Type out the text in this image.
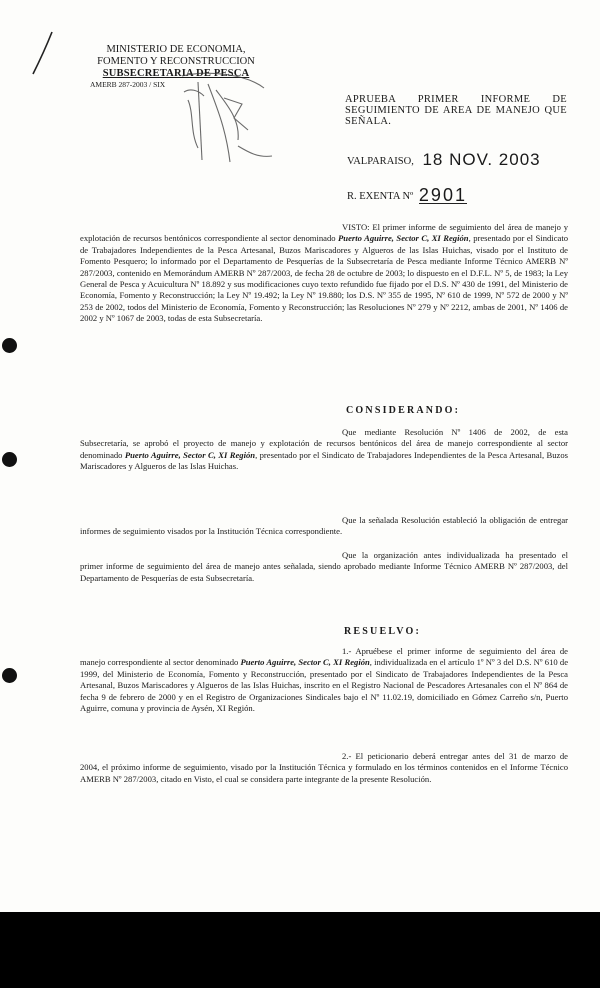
MINISTERIO DE ECONOMIA,
FOMENTO Y RECONSTRUCCION
SUBSECRETARIA DE PESCA
AMERB 287-2003 / SIX
APRUEBA PRIMER INFORME DE SEGUIMIENTO DE AREA DE MANEJO QUE SEÑALA.
VALPARAISO, 18 NOV. 2003
R. EXENTA Nº 2901

VISTO: El primer informe de seguimiento del área de manejo y explotación de recursos bentónicos correspondiente al sector denominado Puerto Aguirre, Sector C, XI Región, presentado por el Sindicato de Trabajadores Independientes de la Pesca Artesanal, Buzos Mariscadores y Algueros de las Islas Huichas, visado por el Instituto de Fomento Pesquero; lo informado por el Departamento de Pesquerías de la Subsecretaría de Pesca mediante Informe Técnico AMERB Nº 287/2003, contenido en Memorándum AMERB Nº 287/2003, de fecha 28 de octubre de 2003; lo dispuesto en el D.F.L. Nº 5, de 1983; la Ley General de Pesca y Acuicultura Nº 18.892 y sus modificaciones cuyo texto refundido fue fijado por el D.S. Nº 430 de 1991, del Ministerio de Economía, Fomento y Reconstrucción; la Ley Nº 19.492; la Ley Nº 19.880; los D.S. Nº 355 de 1995, Nº 610 de 1999, Nº 572 de 2000 y Nº 253 de 2002, todos del Ministerio de Economía, Fomento y Reconstrucción; las Resoluciones Nº 279 y Nº 2212, ambas de 2001, Nº 1406 de 2002 y Nº 1067 de 2003, todas de esta Subsecretaría.

CONSIDERANDO:

Que mediante Resolución Nº 1406 de 2002, de esta Subsecretaría, se aprobó el proyecto de manejo y explotación de recursos bentónicos del área de manejo correspondiente al sector denominado Puerto Aguirre, Sector C, XI Región, presentado por el Sindicato de Trabajadores Independientes de la Pesca Artesanal, Buzos Mariscadores y Algueros de las Islas Huichas.

Que la señalada Resolución estableció la obligación de entregar informes de seguimiento visados por la Institución Técnica correspondiente.

Que la organización antes individualizada ha presentado el primer informe de seguimiento del área de manejo antes señalada, siendo aprobado mediante Informe Técnico AMERB Nº 287/2003, del Departamento de Pesquerías de esta Subsecretaría.

RESUELVO:

1.- Apruébese el primer informe de seguimiento del área de manejo correspondiente al sector denominado Puerto Aguirre, Sector C, XI Región, individualizada en el artículo 1º Nº 3 del D.S. Nº 610 de 1999, del Ministerio de Economía, Fomento y Reconstrucción, presentado por el Sindicato de Trabajadores Independientes de la Pesca Artesanal, Buzos Mariscadores y Algueros de las Islas Huichas, inscrito en el Registro Nacional de Pescadores Artesanales con el Nº 864 de fecha 9 de febrero de 2000 y en el Registro de Organizaciones Sindicales bajo el Nº 11.02.19, domiciliado en Gómez Carreño s/n, Puerto Aguirre, comuna y provincia de Aysén, XI Región.

2.- El peticionario deberá entregar antes del 31 de marzo de 2004, el próximo informe de seguimiento, visado por la Institución Técnica y formulado en los términos contenidos en el Informe Técnico AMERB Nº 287/2003, citado en Visto, el cual se considera parte integrante de la presente Resolución.
